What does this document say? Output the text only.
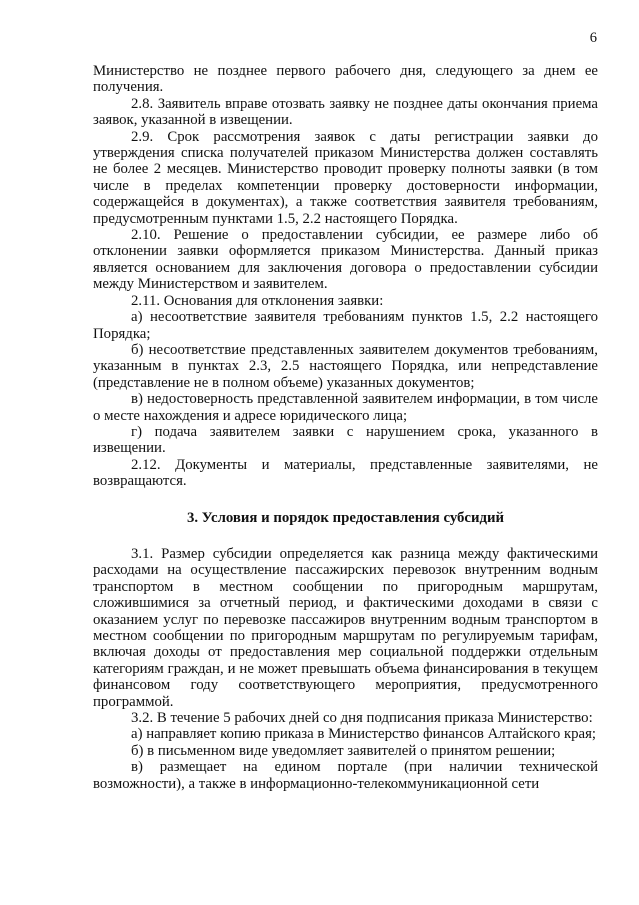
6

Министерство не позднее первого рабочего дня, следующего за днем ее получения.

2.8. Заявитель вправе отозвать заявку не позднее даты окончания приема заявок, указанной в извещении.

2.9. Срок рассмотрения заявок с даты регистрации заявки до утверждения списка получателей приказом Министерства должен составлять не более 2 месяцев. Министерство проводит проверку полноты заявки (в том числе в пределах компетенции проверку достоверности информации, содержащейся в документах), а также соответствия заявителя требованиям, предусмотренным пунктами 1.5, 2.2 настоящего Порядка.

2.10. Решение о предоставлении субсидии, ее размере либо об отклонении заявки оформляется приказом Министерства. Данный приказ является основанием для заключения договора о предоставлении субсидии между Министерством и заявителем.

2.11. Основания для отклонения заявки:

а) несоответствие заявителя требованиям пунктов 1.5, 2.2 настоящего Порядка;

б) несоответствие представленных заявителем документов требованиям, указанным в пунктах 2.3, 2.5 настоящего Порядка, или непредставление (представление не в полном объеме) указанных документов;

в) недостоверность представленной заявителем информации, в том числе о месте нахождения и адресе юридического лица;

г) подача заявителем заявки с нарушением срока, указанного в извещении.

2.12. Документы и материалы, представленные заявителями, не возвращаются.

3. Условия и порядок предоставления субсидий

3.1. Размер субсидии определяется как разница между фактическими расходами на осуществление пассажирских перевозок внутренним водным транспортом в местном сообщении по пригородным маршрутам, сложившимися за отчетный период, и фактическими доходами в связи с оказанием услуг по перевозке пассажиров внутренним водным транспортом в местном сообщении по пригородным маршрутам по регулируемым тарифам, включая доходы от предоставления мер социальной поддержки отдельным категориям граждан, и не может превышать объема финансирования в текущем финансовом году соответствующего мероприятия, предусмотренного программой.

3.2. В течение 5 рабочих дней со дня подписания приказа Министерство:

а) направляет копию приказа в Министерство финансов Алтайского края;

б) в письменном виде уведомляет заявителей о принятом решении;

в) размещает на едином портале (при наличии технической возможности), а также в информационно-телекоммуникационной сети
